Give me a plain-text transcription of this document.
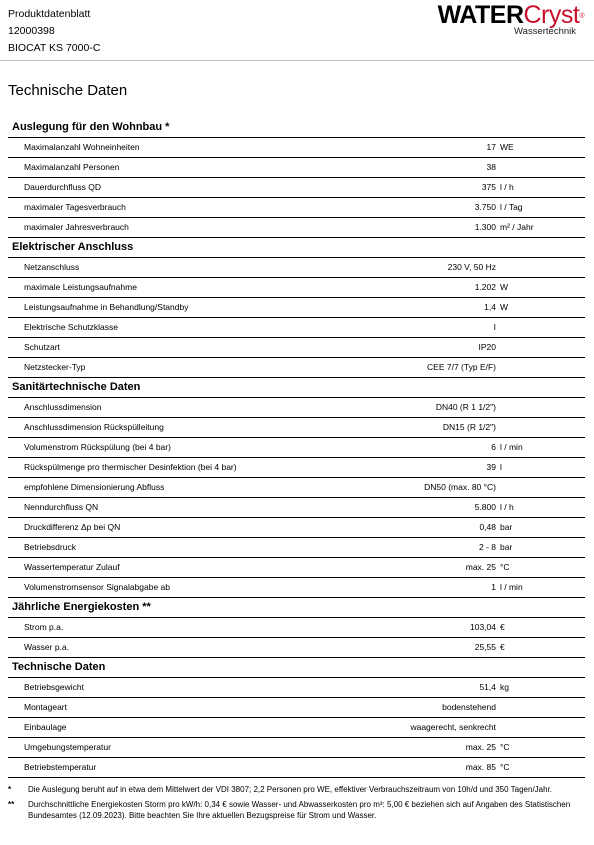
Produktdatenblatt
12000398
BIOCAT KS 7000-C
WATERCryst®
Wassertechnik
Technische Daten
Auslegung für den Wohnbau *
Maximalanzahl Wohneinheiten	17 WE
Maximalanzahl Personen	38
Dauerdurchfluss QD	375 l / h
maximaler Tagesverbrauch	3.750 l / Tag
maximaler Jahresverbrauch	1.300 m² / Jahr
Elektrischer Anschluss
Netzanschluss	230 V, 50 Hz
maximale Leistungsaufnahme	1.202 W
Leistungsaufnahme in Behandlung/Standby	1,4 W
Elektrische Schutzklasse	I
Schutzart	IP20
Netzstecker-Typ	CEE 7/7 (Typ E/F)
Sanitärtechnische Daten
Anschlussdimension	DN40 (R 1 1/2")
Anschlussdimension Rückspülleitung	DN15 (R 1/2")
Volumenstrom Rückspülung (bei 4 bar)	6 l / min
Rückspülmenge pro thermischer Desinfektion (bei 4 bar)	39 l
empfohlene Dimensionierung Abfluss	DN50 (max. 80 °C)
Nenndurchfluss QN	5.800 l / h
Druckdifferenz Δp bei QN	0,48 bar
Betriebsdruck	2 - 8 bar
Wassertemperatur Zulauf	max. 25 °C
Volumenstromsensor Signalabgabe ab	1 l / min
Jährliche Energiekosten **
Strom p.a.	103,04 €
Wasser p.a.	25,55 €
Technische Daten
Betriebsgewicht	51,4 kg
Montageart	bodenstehend
Einbaulage	waagerecht, senkrecht
Umgebungstemperatur	max. 25 °C
Betriebstemperatur	max. 85 °C
* Die Auslegung beruht auf in etwa dem Mittelwert der VDI 3807; 2,2 Personen pro WE, effektiver Verbrauchszeitraum von 10h/d und 350 Tagen/Jahr.
** Durchschnittliche Energiekosten Storm pro kW/h: 0,34 € sowie Wasser- und Abwasserkosten pro m³: 5,00 € beziehen sich auf Angaben des Statistischen Bundesamtes (12.09.2023). Bitte beachten Sie Ihre aktuellen Bezugspreise für Strom und Wasser.
